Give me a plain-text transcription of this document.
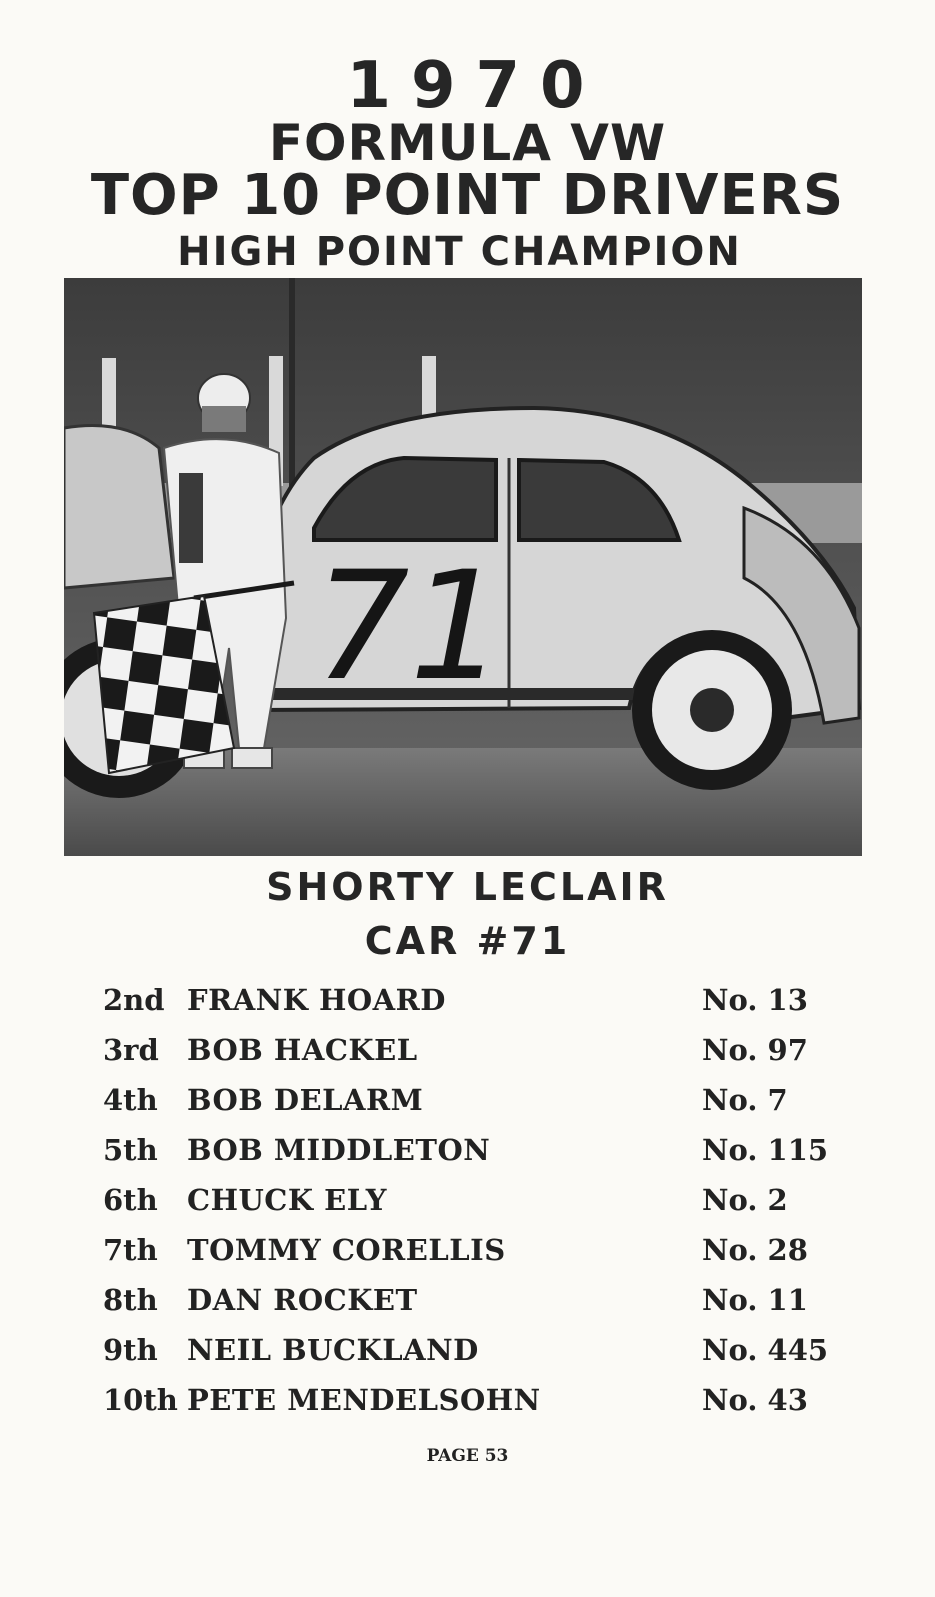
1970
FORMULA VW
TOP 10 POINT DRIVERS
HIGH POINT CHAMPION
71
SHORTY LECLAIR
CAR #71
2nd FRANK HOARD	No. 13
3rd BOB HACKEL	No. 97
4th BOB DELARM	No. 7
5th BOB MIDDLETON	No. 115
6th CHUCK ELY	No. 2
7th TOMMY CORELLIS	No. 28
8th DAN ROCKET	No. 11
9th NEIL BUCKLAND	No. 445
10th PETE MENDELSOHN	No. 43
PAGE 53
